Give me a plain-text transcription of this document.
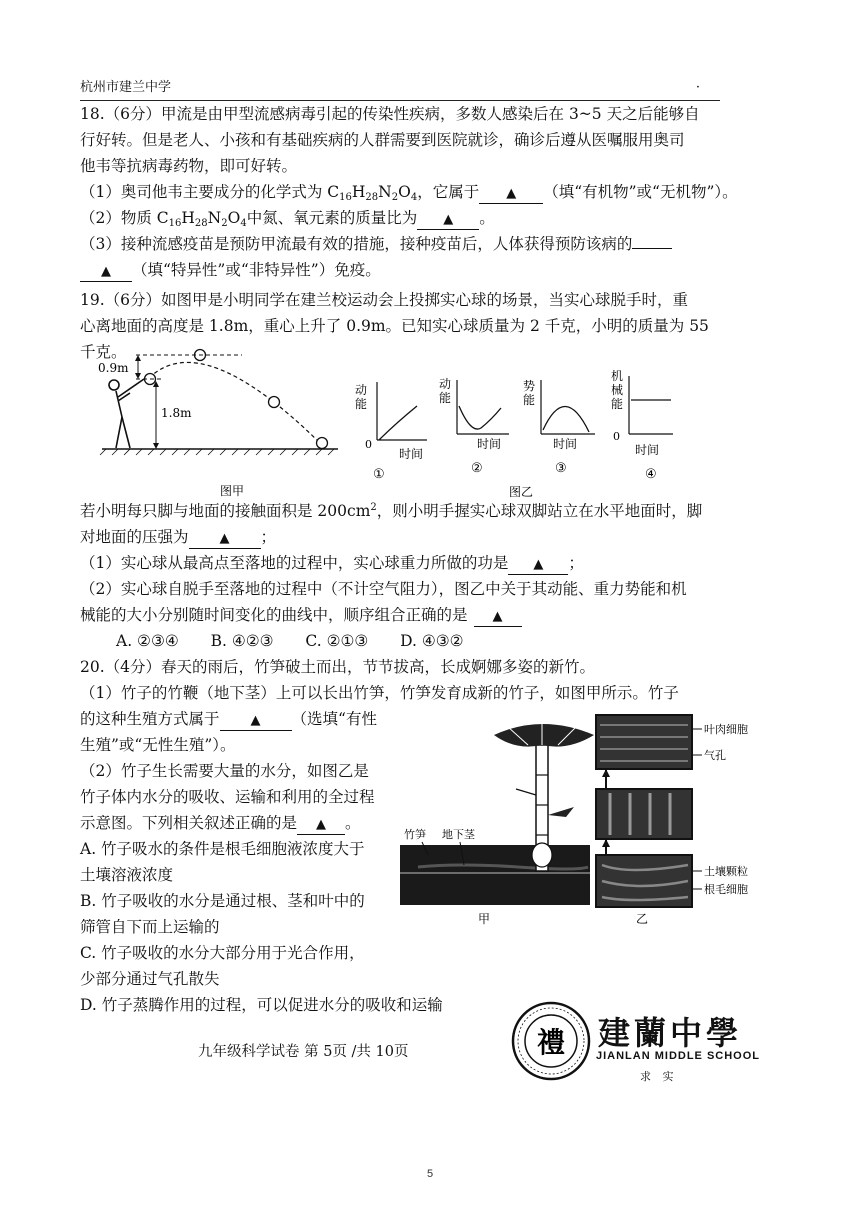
杭州市建兰中学	·
18.（6分）甲流是由甲型流感病毒引起的传染性疾病，多数人感染后在 3~5 天之后能够自
行好转。但是老人、小孩和有基础疾病的人群需要到医院就诊，确诊后遵从医嘱服用奥司
他韦等抗病毒药物，即可好转。
（1）奥司他韦主要成分的化学式为 $C_{16}H_{28}N_2O_4$，它属于 ▲ （填“有机物”或“无机物”）。
（2）物质 $C_{16}H_{28}N_2O_4$中氮、氧元素的质量比为 ▲ 。
（3）接种流感疫苗是预防甲流最有效的措施，接种疫苗后，人体获得预防该病的
▲ （填“特异性”或“非特异性”）免疫。
19.（6分）如图甲是小明同学在建兰校运动会上投掷实心球的场景，当实心球脱手时，重
心离地面的高度是 1.8m，重心上升了 0.9m。已知实心球质量为 2 千克，小明的质量为 55
千克。
0.9m
1.8m
图甲
动
能
0
时间
①
动
能
时间
②
势
能
时间
③
机
械
能
0
时间
④
图乙
若小明每只脚与地面的接触面积是 $200cm^2$，则小明手握实心球双脚站立在水平地面时，脚
对地面的压强为 ▲ ；
（1）实心球从最高点至落地的过程中，实心球重力所做的功是 ▲ ；
（2）实心球自脱手至落地的过程中（不计空气阻力），图乙中关于其动能、重力势能和机
械能的大小分别随时间变化的曲线中，顺序组合正确的是 ▲
A. ②③④ B. ④②③ C. ②①③ D. ④③②
20.（4分）春天的雨后，竹笋破土而出，节节拔高，长成婀娜多姿的新竹。
（1）竹子的竹鞭（地下茎）上可以长出竹笋，竹笋发育成新的竹子，如图甲所示。竹子
的这种生殖方式属于 ▲ （选填“有性
生殖”或“无性生殖”）。
（2）竹子生长需要大量的水分，如图乙是
竹子体内水分的吸收、运输和利用的全过程
示意图。下列相关叙述正确的是 ▲ 。
A. 竹子吸水的条件是根毛细胞液浓度大于
土壤溶液浓度
B. 竹子吸收的水分是通过根、茎和叶中的
筛管自下而上运输的
C. 竹子吸收的水分大部分用于光合作用，
少部分通过气孔散失
D. 竹子蒸腾作用的过程，可以促进水分的吸收和运输
竹笋 地下茎
叶肉细胞
气孔
土壤颗粒
根毛细胞
甲	乙
九年级科学试卷 第 5页 /共 10页	禮 建蘭中學
JIANLAN MIDDLE SCHOOL
求 实
5
